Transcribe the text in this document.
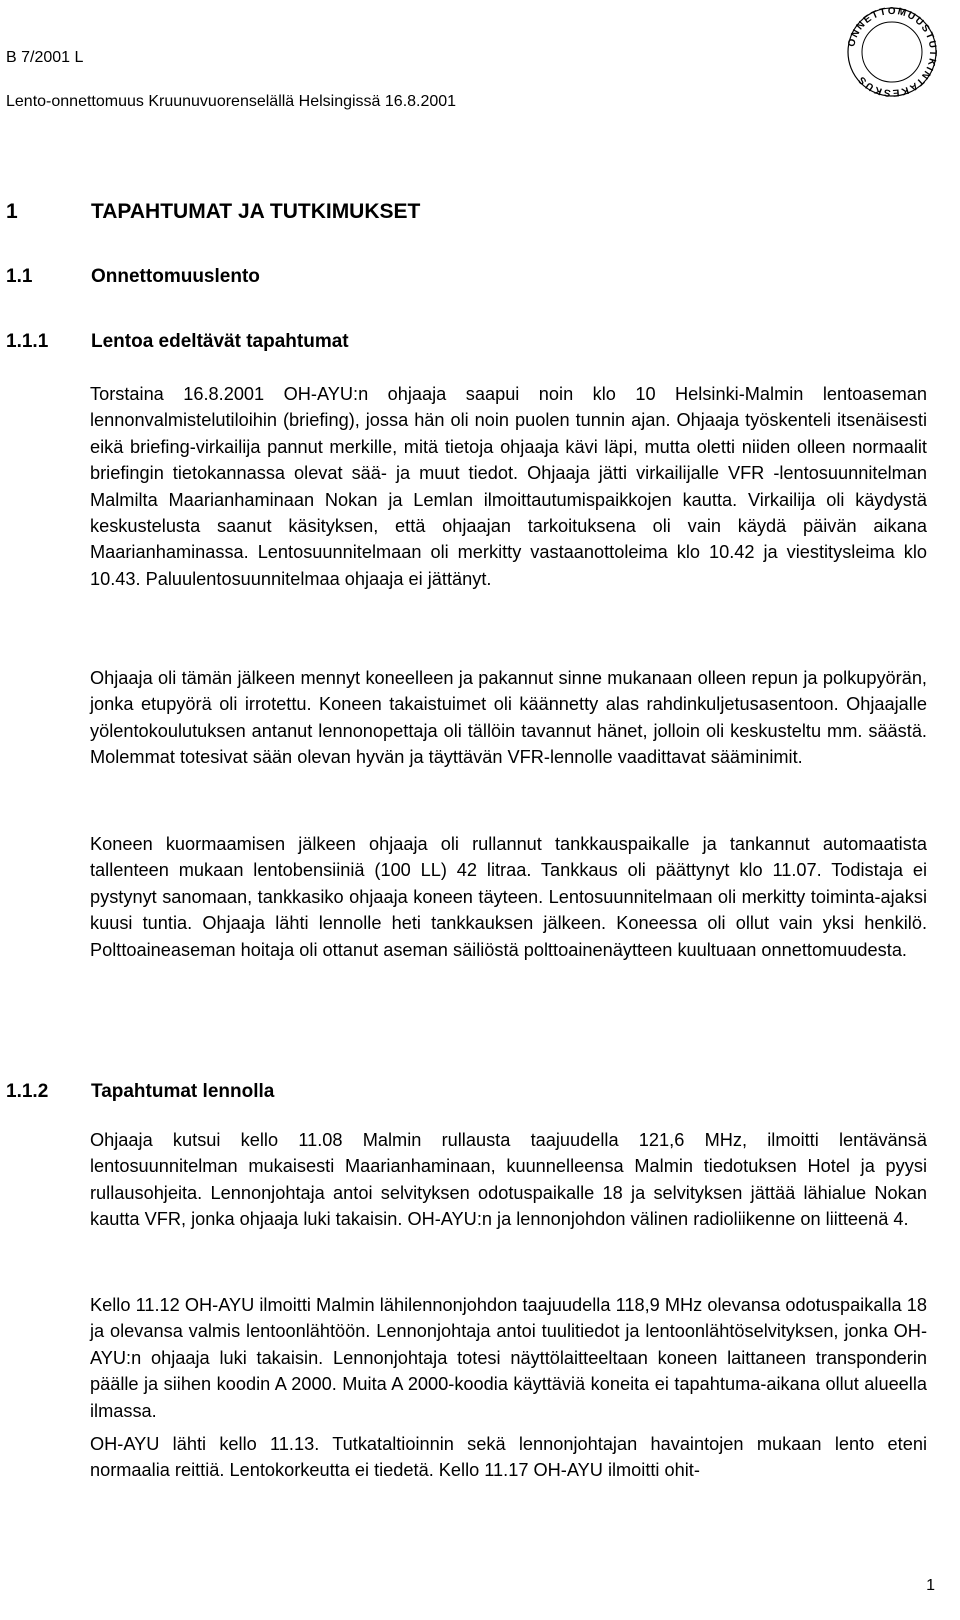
B 7/2001 L
Lento-onnettomuus Kruunuvuorenselällä Helsingissä 16.8.2001
ONNETTOMUUSTUTKINTAKESKUS
1	TAPAHTUMAT JA TUTKIMUKSET
1.1	Onnettomuuslento
1.1.1 Lentoa edeltävät tapahtumat

Torstaina 16.8.2001 OH-AYU:n ohjaaja saapui noin klo 10 Helsinki-Malmin lentoaseman lennonvalmistelutiloihin (briefing), jossa hän oli noin puolen tunnin ajan. Ohjaaja työskenteli itsenäisesti eikä briefing-virkailija pannut merkille, mitä tietoja ohjaaja kävi läpi, mutta oletti niiden olleen normaalit briefingin tietokannassa olevat sää- ja muut tiedot. Ohjaaja jätti virkailijalle VFR -lentosuunnitelman Malmilta Maarianhaminaan Nokan ja Lemlan ilmoittautumispaikkojen kautta. Virkailija oli käydystä keskustelusta saanut käsityksen, että ohjaajan tarkoituksena oli vain käydä päivän aikana Maarianhaminassa. Lentosuunnitelmaan oli merkitty vastaanottoleima klo 10.42 ja viestitysleima klo 10.43. Paluulentosuunnitelmaa ohjaaja ei jättänyt.

Ohjaaja oli tämän jälkeen mennyt koneelleen ja pakannut sinne mukanaan olleen repun ja polkupyörän, jonka etupyörä oli irrotettu. Koneen takaistuimet oli käännetty alas rahdinkuljetusasentoon. Ohjaajalle yölentokoulutuksen antanut lennonopettaja oli tällöin tavannut hänet, jolloin oli keskusteltu mm. säästä. Molemmat totesivat sään olevan hyvän ja täyttävän VFR-lennolle vaadittavat sääminimit.

Koneen kuormaamisen jälkeen ohjaaja oli rullannut tankkauspaikalle ja tankannut automaatista tallenteen mukaan lentobensiiniä (100 LL) 42 litraa. Tankkaus oli päättynyt klo 11.07. Todistaja ei pystynyt sanomaan, tankkasiko ohjaaja koneen täyteen. Lentosuunnitelmaan oli merkitty toiminta-ajaksi kuusi tuntia. Ohjaaja lähti lennolle heti tankkauksen jälkeen. Koneessa oli ollut vain yksi henkilö. Polttoaineaseman hoitaja oli ottanut aseman säiliöstä polttoainenäytteen kuultuaan onnettomuudesta.

1.1.2 Tapahtumat lennolla

Ohjaaja kutsui kello 11.08 Malmin rullausta taajuudella 121,6 MHz, ilmoitti lentävänsä lentosuunnitelman mukaisesti Maarianhaminaan, kuunnelleensa Malmin tiedotuksen Hotel ja pyysi rullausohjeita. Lennonjohtaja antoi selvityksen odotuspaikalle 18 ja selvityksen jättää lähialue Nokan kautta VFR, jonka ohjaaja luki takaisin. OH-AYU:n ja lennonjohdon välinen radioliikenne on liitteenä 4.

Kello 11.12 OH-AYU ilmoitti Malmin lähilennonjohdon taajuudella 118,9 MHz olevansa odotuspaikalla 18 ja olevansa valmis lentoonlähtöön. Lennonjohtaja antoi tuulitiedot ja lentoonlähtöselvityksen, jonka OH-AYU:n ohjaaja luki takaisin. Lennonjohtaja totesi näyttölaitteeltaan koneen laittaneen transponderin päälle ja siihen koodin A 2000. Muita A 2000-koodia käyttäviä koneita ei tapahtuma-aikana ollut alueella ilmassa.

OH-AYU lähti kello 11.13. Tutkataltioinnin sekä lennonjohtajan havaintojen mukaan lento eteni normaalia reittiä. Lentokorkeutta ei tiedetä. Kello 11.17 OH-AYU ilmoitti ohit-

1
